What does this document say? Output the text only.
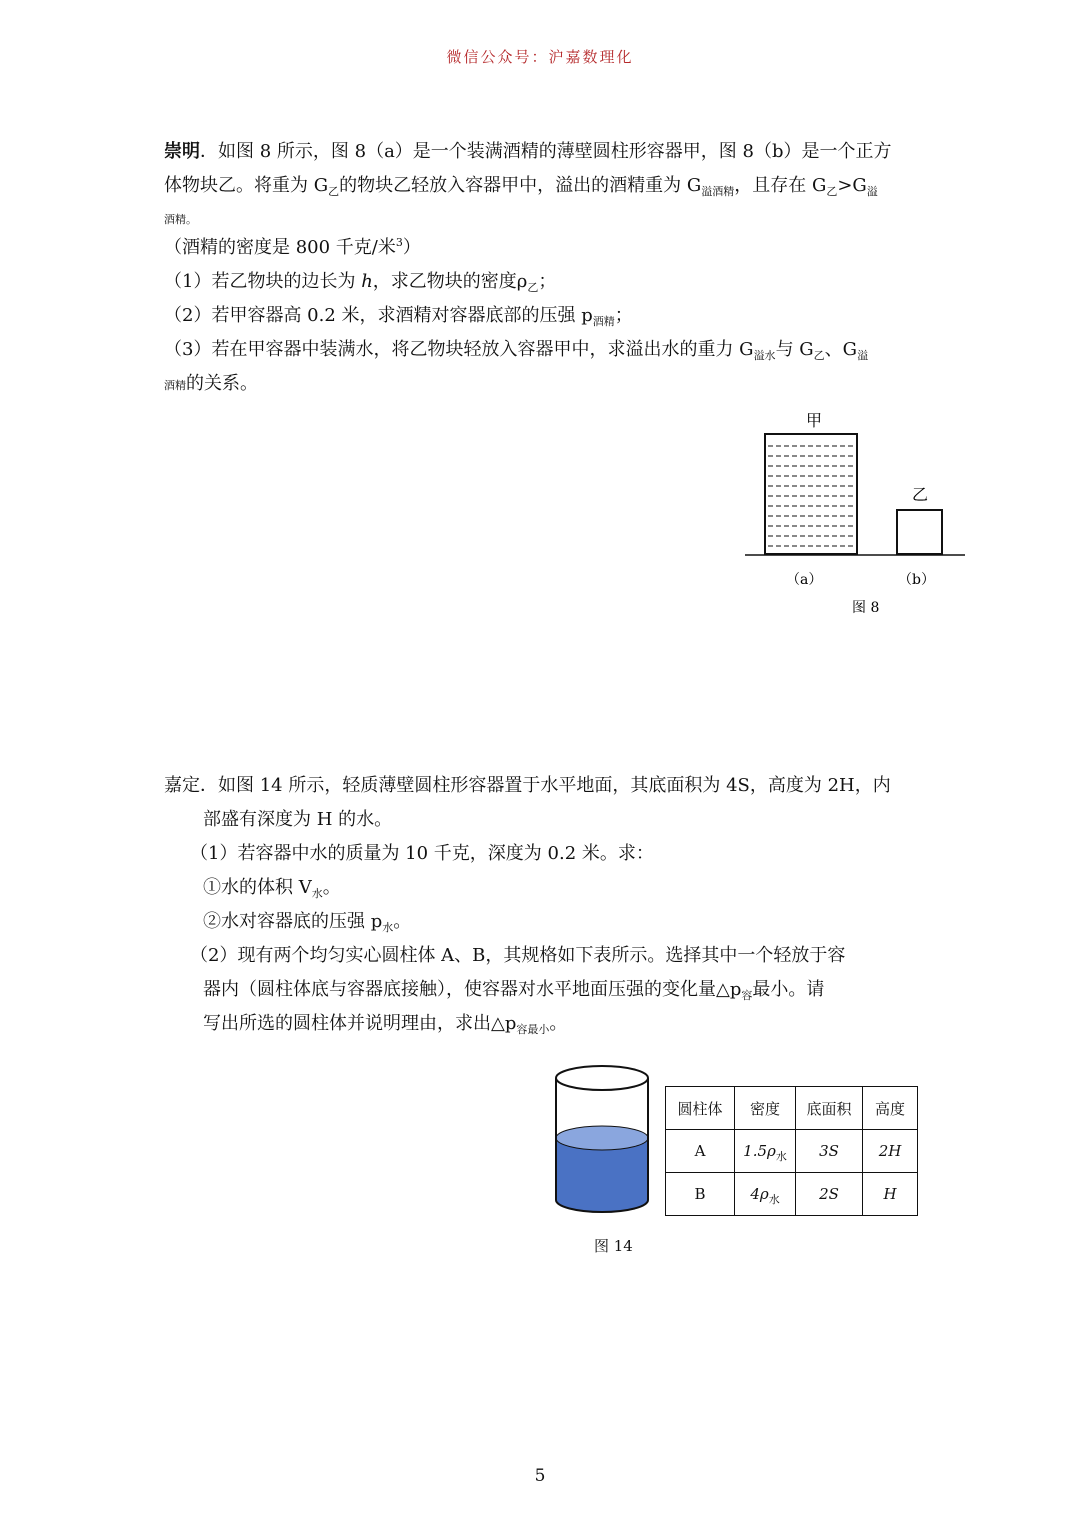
微信公众号：沪嘉数理化
崇明．如图 8 所示，图 8（a）是一个装满酒精的薄壁圆柱形容器甲，图 8（b）是一个正方
体物块乙。将重为 $G_乙$的物块乙轻放入容器甲中，溢出的酒精重为 $G_{溢酒精}$，且存在 $G_乙>G_溢$
酒精。
（酒精的密度是 800 千克/米$^3$）
（1）若乙物块的边长为 h，求乙物块的密度$\rho_乙$；
（2）若甲容器高 0.2 米，求酒精对容器底部的压强 $p_{酒精}$；
（3）若在甲容器中装满水，将乙物块轻放入容器甲中，求溢出水的重力 $G_{溢水}$与 $G_乙$、$G_溢$
酒精的关系。
甲
乙
（a）	（b）
图 8
嘉定．如图 14 所示，轻质薄壁圆柱形容器置于水平地面，其底面积为 4S，高度为 2H，内
部盛有深度为 H 的水。
（1）若容器中水的质量为 10 千克，深度为 0.2 米。求：
①水的体积 $V_水$。
②水对容器底的压强 $p_水$。
（2）现有两个均匀实心圆柱体 A、B，其规格如下表所示。选择其中一个轻放于容
器内（圆柱体底与容器底接触），使容器对水平地面压强的变化量$\triangle p_容$最小。请
写出所选的圆柱体并说明理由，求出$\triangle p_{容最小}$。
图 14
圆柱体	密度	底面积	高度
A	$1.5\rho_水$	3S	2H
B	$4\rho_水$	2S	H
5
